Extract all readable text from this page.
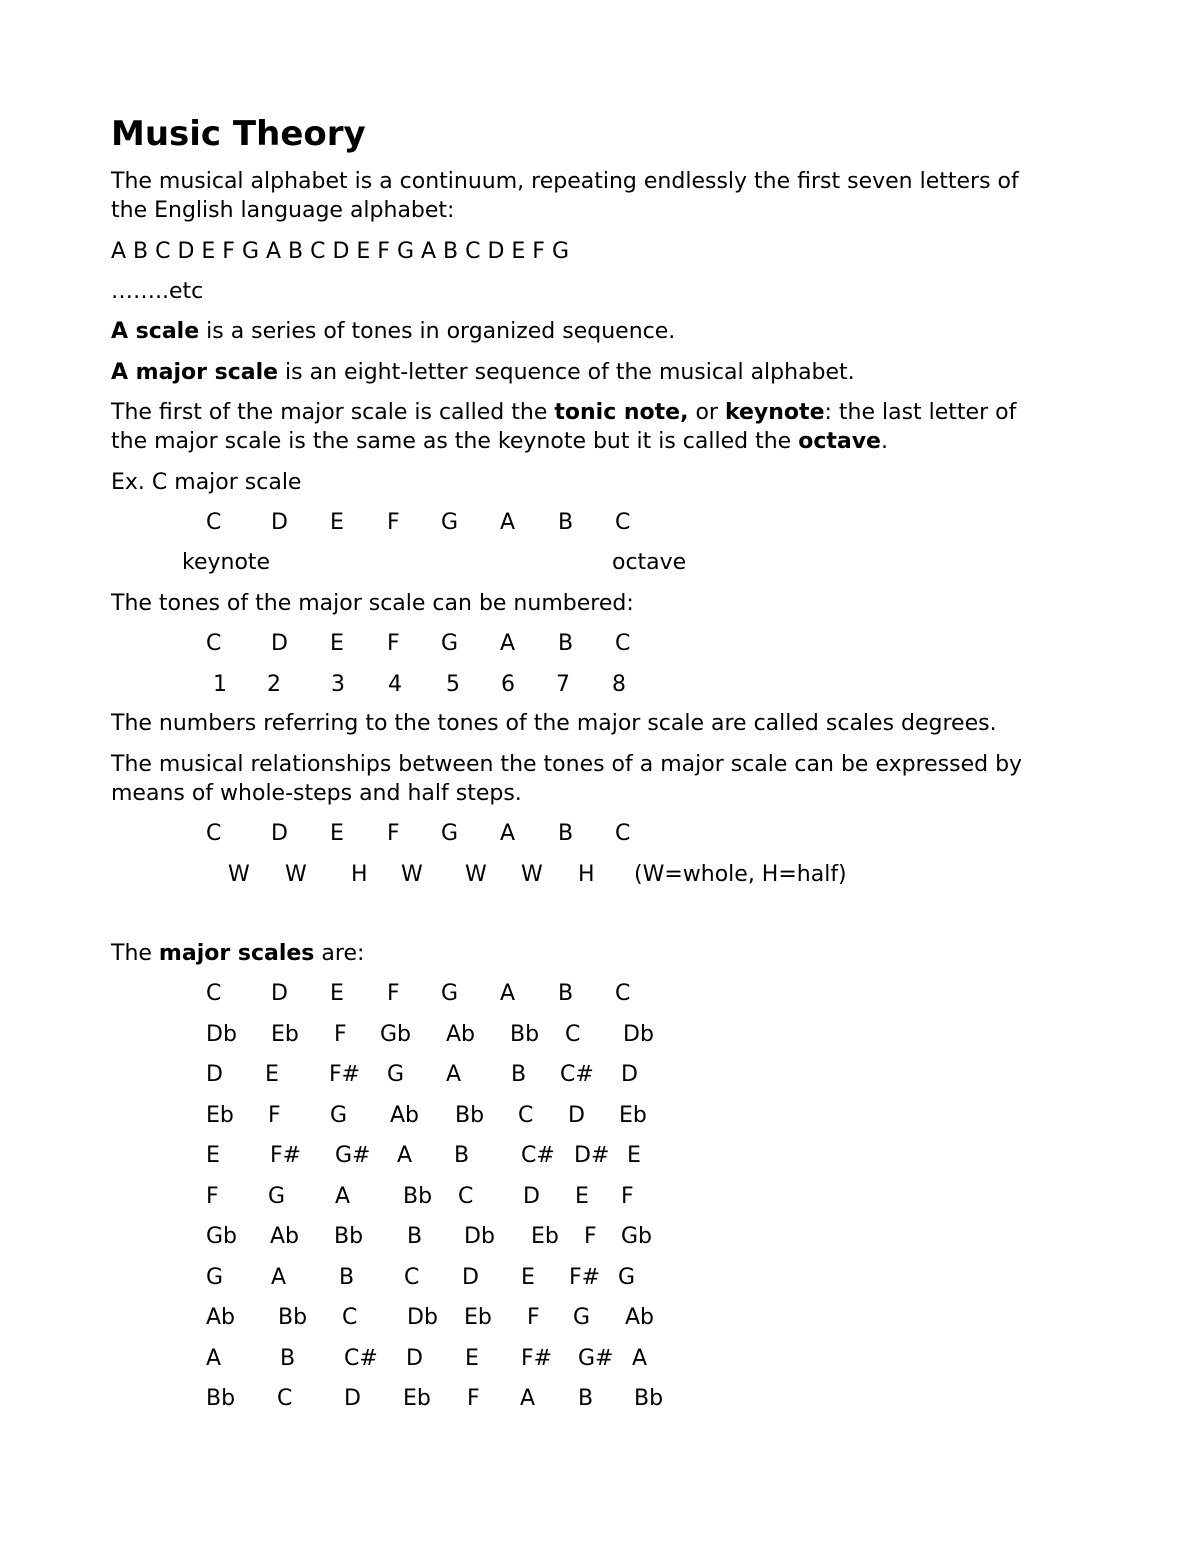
Music Theory

The musical alphabet is a continuum, repeating endlessly the first seven letters of

the English language alphabet:

A B C D E F G A B C D E F G A B C D E F G

……..etc

A scale is a series of tones in organized sequence.

A major scale is an eight-letter sequence of the musical alphabet.

The first of the major scale is called the tonic note, or keynote: the last letter of

the major scale is the same as the keynote but it is called the octave.

Ex. C major scale

C D E F G A B C
keynote	octave

The tones of the major scale can be numbered:

C D E F G A B C
1 2 3 4 5 6 7 8

The numbers referring to the tones of the major scale are called scales degrees.

The musical relationships between the tones of a major scale can be expressed by

means of whole-steps and half steps.

C D E F G A B C
W W H W W W H (W=whole, H=half)

The major scales are:

C D E F G A B C
Db Eb F Gb Ab Bb C Db
D E F# G A B C# D
Eb F G Ab Bb C D Eb
E F# G# A B C# D# E
F G A Bb C D E F
Gb Ab Bb B Db Eb F Gb
G A B C D E F# G
Ab Bb C Db Eb F G Ab
A	B C# D E F# G# A
Bb C D Eb F A B Bb
